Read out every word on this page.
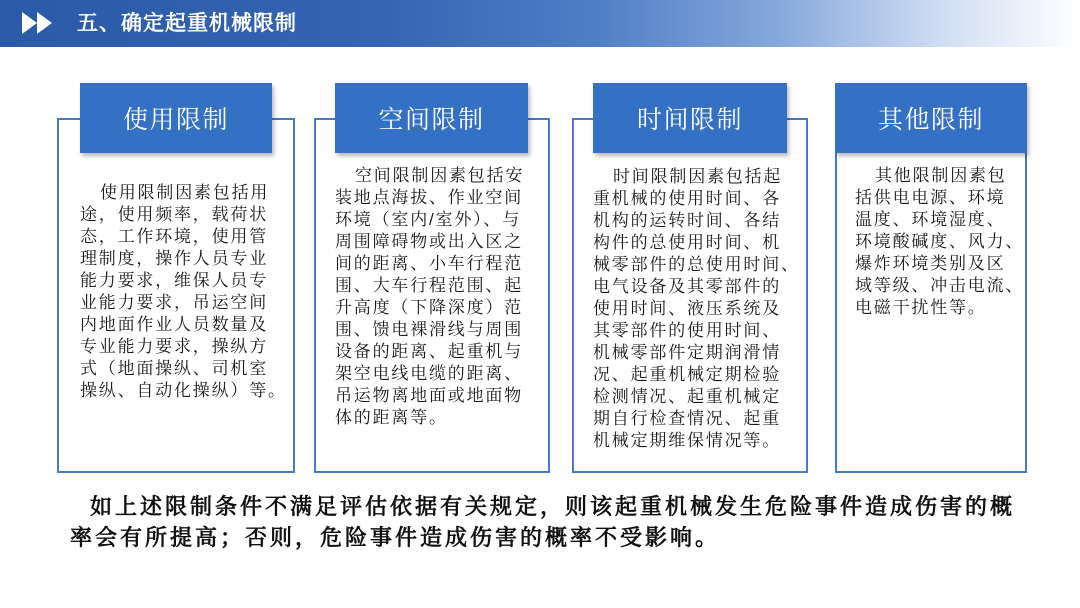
五、确定起重机械限制
使用限制
使用限制因素包括用
途，使用频率，载荷状
态，工作环境，使用管
理制度，操作人员专业
能力要求，维保人员专
业能力要求，吊运空间
内地面作业人员数量及
专业能力要求，操纵方
式（地面操纵、司机室
操纵、自动化操纵）等。
空间限制
空间限制因素包括安
装地点海拔、作业空间
环境（室内/室外）、与
周围障碍物或出入区之
间的距离、小车行程范
围、大车行程范围、起
升高度（下降深度）范
围、馈电裸滑线与周围
设备的距离、起重机与
架空电线电缆的距离、
吊运物离地面或地面物
体的距离等。
时间限制
时间限制因素包括起
重机械的使用时间、各
机构的运转时间、各结
构件的总使用时间、机
械零部件的总使用时间、
电气设备及其零部件的
使用时间、液压系统及
其零部件的使用时间、
机械零部件定期润滑情
况、起重机械定期检验
检测情况、起重机械定
期自行检查情况、起重
机械定期维保情况等。
其他限制
其他限制因素包
括供电电源、环境
温度、环境湿度、
环境酸碱度、风力、
爆炸环境类别及区
域等级、冲击电流、
电磁干扰性等。
如上述限制条件不满足评估依据有关规定，则该起重机械发生危险事件造成伤害的概
率会有所提高；否则，危险事件造成伤害的概率不受影响。
